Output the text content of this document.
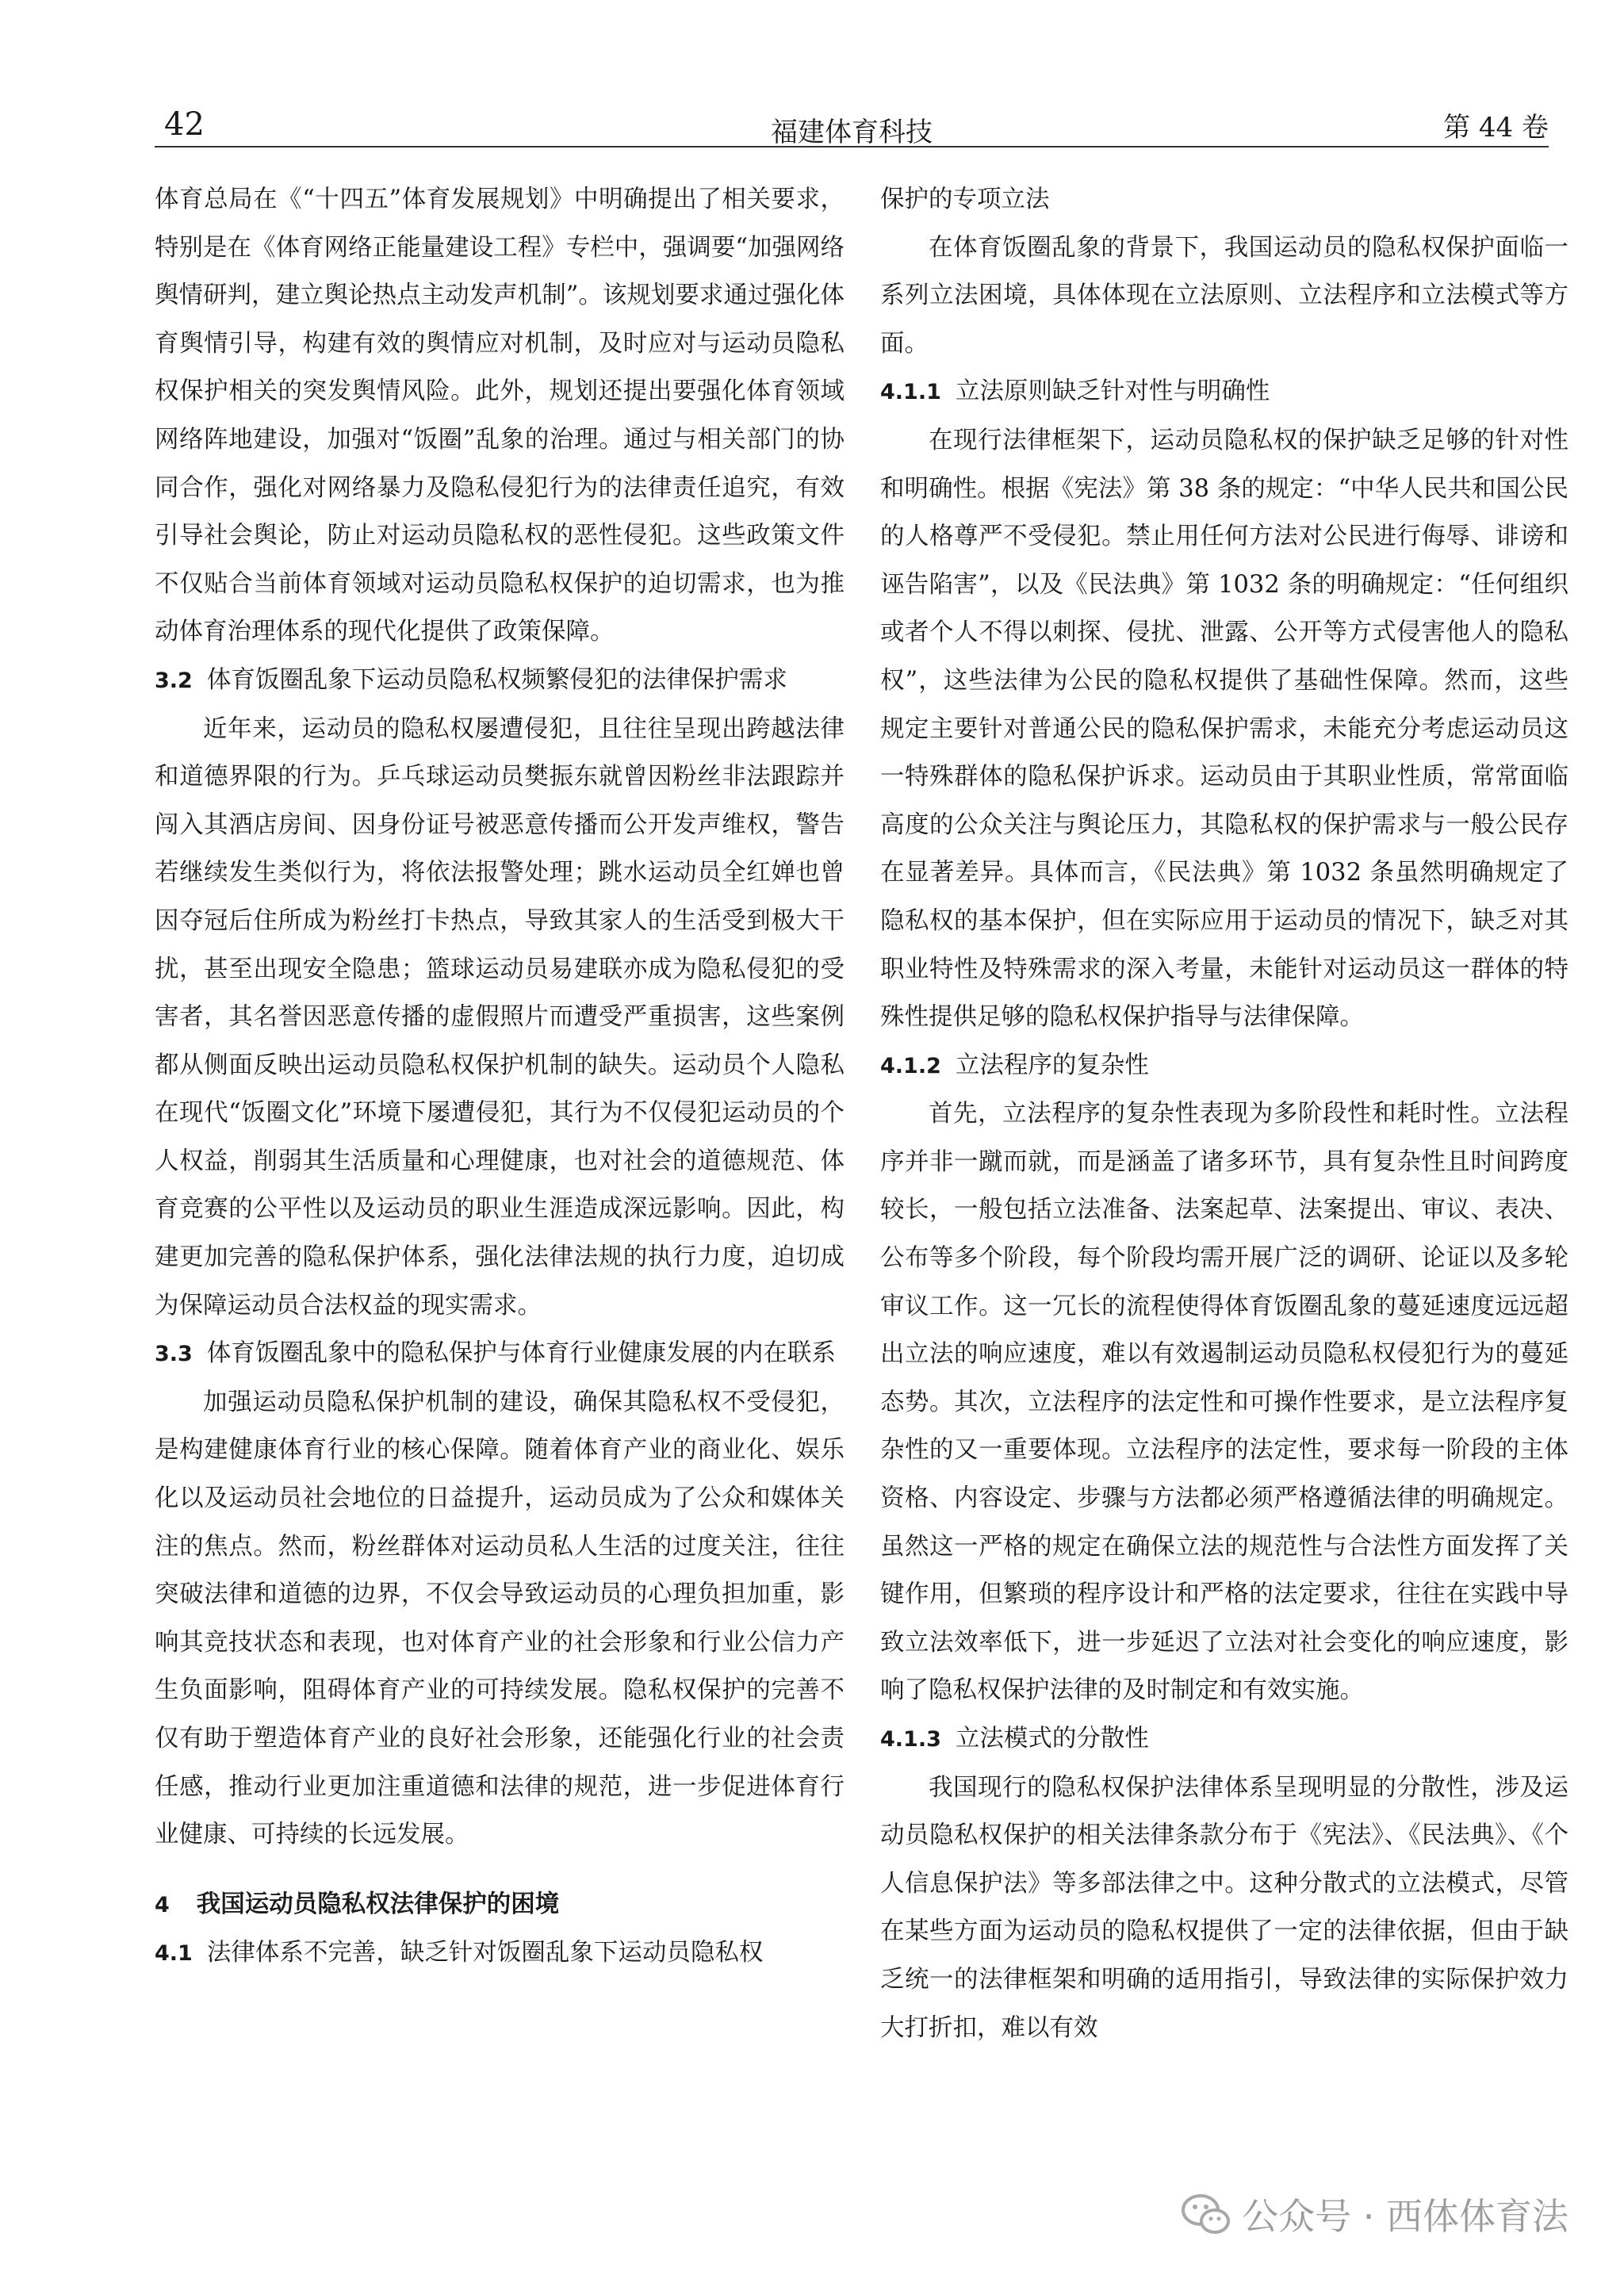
42	福建体育科技	第 44 卷

体育总局在《“十四五”体育发展规划》中明确提出了相关要求，特别是在《体育网络正能量建设工程》专栏中，强调要“加强网络舆情研判，建立舆论热点主动发声机制”。该规划要求通过强化体育舆情引导，构建有效的舆情应对机制，及时应对与运动员隐私权保护相关的突发舆情风险。此外，规划还提出要强化体育领域网络阵地建设，加强对“饭圈”乱象的治理。通过与相关部门的协同合作，强化对网络暴力及隐私侵犯行为的法律责任追究，有效引导社会舆论，防止对运动员隐私权的恶性侵犯。这些政策文件不仅贴合当前体育领域对运动员隐私权保护的迫切需求，也为推动体育治理体系的现代化提供了政策保障。

3.2 体育饭圈乱象下运动员隐私权频繁侵犯的法律保护需求

近年来，运动员的隐私权屡遭侵犯，且往往呈现出跨越法律和道德界限的行为。乒乓球运动员樊振东就曾因粉丝非法跟踪并闯入其酒店房间、因身份证号被恶意传播而公开发声维权，警告若继续发生类似行为，将依法报警处理；跳水运动员全红婵也曾因夺冠后住所成为粉丝打卡热点，导致其家人的生活受到极大干扰，甚至出现安全隐患；篮球运动员易建联亦成为隐私侵犯的受害者，其名誉因恶意传播的虚假照片而遭受严重损害，这些案例都从侧面反映出运动员隐私权保护机制的缺失。运动员个人隐私在现代“饭圈文化”环境下屡遭侵犯，其行为不仅侵犯运动员的个人权益，削弱其生活质量和心理健康，也对社会的道德规范、体育竞赛的公平性以及运动员的职业生涯造成深远影响。因此，构建更加完善的隐私保护体系，强化法律法规的执行力度，迫切成为保障运动员合法权益的现实需求。

3.3 体育饭圈乱象中的隐私保护与体育行业健康发展的内在联系

加强运动员隐私保护机制的建设，确保其隐私权不受侵犯，是构建健康体育行业的核心保障。随着体育产业的商业化、娱乐化以及运动员社会地位的日益提升，运动员成为了公众和媒体关注的焦点。然而，粉丝群体对运动员私人生活的过度关注，往往突破法律和道德的边界，不仅会导致运动员的心理负担加重，影响其竞技状态和表现，也对体育产业的社会形象和行业公信力产生负面影响，阻碍体育产业的可持续发展。隐私权保护的完善不仅有助于塑造体育产业的良好社会形象，还能强化行业的社会责任感，推动行业更加注重道德和法律的规范，进一步促进体育行业健康、可持续的长远发展。

4 我国运动员隐私权法律保护的困境
4.1 法律体系不完善，缺乏针对饭圈乱象下运动员隐私权

保护的专项立法

在体育饭圈乱象的背景下，我国运动员的隐私权保护面临一系列立法困境，具体体现在立法原则、立法程序和立法模式等方面。

4.1.1 立法原则缺乏针对性与明确性

在现行法律框架下，运动员隐私权的保护缺乏足够的针对性和明确性。根据《宪法》第 38 条的规定：“中华人民共和国公民的人格尊严不受侵犯。禁止用任何方法对公民进行侮辱、诽谤和诬告陷害”，以及《民法典》第 1032 条的明确规定：“任何组织或者个人不得以刺探、侵扰、泄露、公开等方式侵害他人的隐私权”，这些法律为公民的隐私权提供了基础性保障。然而，这些规定主要针对普通公民的隐私保护需求，未能充分考虑运动员这一特殊群体的隐私保护诉求。运动员由于其职业性质，常常面临高度的公众关注与舆论压力，其隐私权的保护需求与一般公民存在显著差异。具体而言，《民法典》第 1032 条虽然明确规定了隐私权的基本保护，但在实际应用于运动员的情况下，缺乏对其职业特性及特殊需求的深入考量，未能针对运动员这一群体的特殊性提供足够的隐私权保护指导与法律保障。

4.1.2 立法程序的复杂性

首先，立法程序的复杂性表现为多阶段性和耗时性。立法程序并非一蹴而就，而是涵盖了诸多环节，具有复杂性且时间跨度较长，一般包括立法准备、法案起草、法案提出、审议、表决、公布等多个阶段，每个阶段均需开展广泛的调研、论证以及多轮审议工作。这一冗长的流程使得体育饭圈乱象的蔓延速度远远超出立法的响应速度，难以有效遏制运动员隐私权侵犯行为的蔓延态势。其次，立法程序的法定性和可操作性要求，是立法程序复杂性的又一重要体现。立法程序的法定性，要求每一阶段的主体资格、内容设定、步骤与方法都必须严格遵循法律的明确规定。虽然这一严格的规定在确保立法的规范性与合法性方面发挥了关键作用，但繁琐的程序设计和严格的法定要求，往往在实践中导致立法效率低下，进一步延迟了立法对社会变化的响应速度，影响了隐私权保护法律的及时制定和有效实施。

4.1.3 立法模式的分散性

我国现行的隐私权保护法律体系呈现明显的分散性，涉及运动员隐私权保护的相关法律条款分布于《宪法》、《民法典》、《个人信息保护法》等多部法律之中。这种分散式的立法模式，尽管在某些方面为运动员的隐私权提供了一定的法律依据，但由于缺乏统一的法律框架和明确的适用指引，导致法律的实际保护效力大打折扣，难以有效

公众号 · 西体体育法
